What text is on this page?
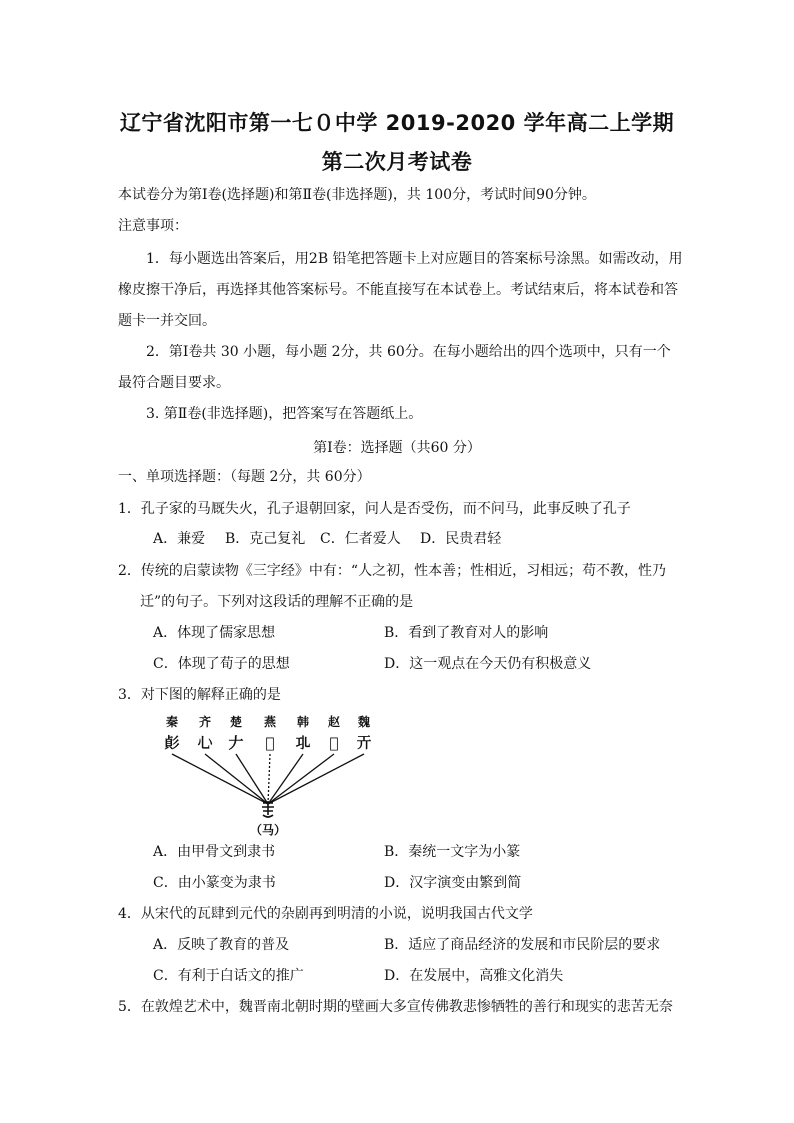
辽宁省沈阳市第一七０中学 2019-2020 学年高二上学期
第二次月考试卷
本试卷分为第Ⅰ卷(选择题)和第Ⅱ卷(非选择题)，共 100分，考试时间90分钟。
注意事项：
1．每小题选出答案后，用2B 铅笔把答题卡上对应题目的答案标号涂黑。如需改动，用
橡皮擦干净后，再选择其他答案标号。不能直接写在本试卷上。考试结束后，将本试卷和答
题卡一并交回。
2．第Ⅰ卷共 30 小题，每小题 2分，共 60分。在每小题给出的四个选项中，只有一个
最符合题目要求。
3. 第Ⅱ卷(非选择题)，把答案写在答题纸上。
第Ⅰ卷：选择题（共60 分）
一、单项选择题：（每题 2分，共 60分）
1．孔子家的马厩失火，孔子退朝回家，问人是否受伤，而不问马，此事反映了孔子
A．兼爱 B．克己复礼 C．仁者爱人 D．民贵君轻
2．传统的启蒙读物《三字经》中有：“人之初，性本善；性相近，习相远；苟不教，性乃
迁”的句子。下列对这段话的理解不正确的是
A．体现了儒家思想	B．看到了教育对人的影响
C．体现了荀子的思想	D．这一观点在今天仍有积极意义
3．对下图的解释正确的是
秦 齐 楚 燕 韩 赵 魏
𢒟 𢖩 𠂇 𡷦 𢀗 𢖮 𢀘
（马）
A．由甲骨文到隶书	B．秦统一文字为小篆
C．由小篆变为隶书	D．汉字演变由繁到简
4．从宋代的瓦肆到元代的杂剧再到明清的小说，说明我国古代文学
A．反映了教育的普及	B．适应了商品经济的发展和市民阶层的要求
C．有利于白话文的推广	D．在发展中，高雅文化消失
5．在敦煌艺术中，魏晋南北朝时期的壁画大多宣传佛教悲惨牺牲的善行和现实的悲苦无奈
